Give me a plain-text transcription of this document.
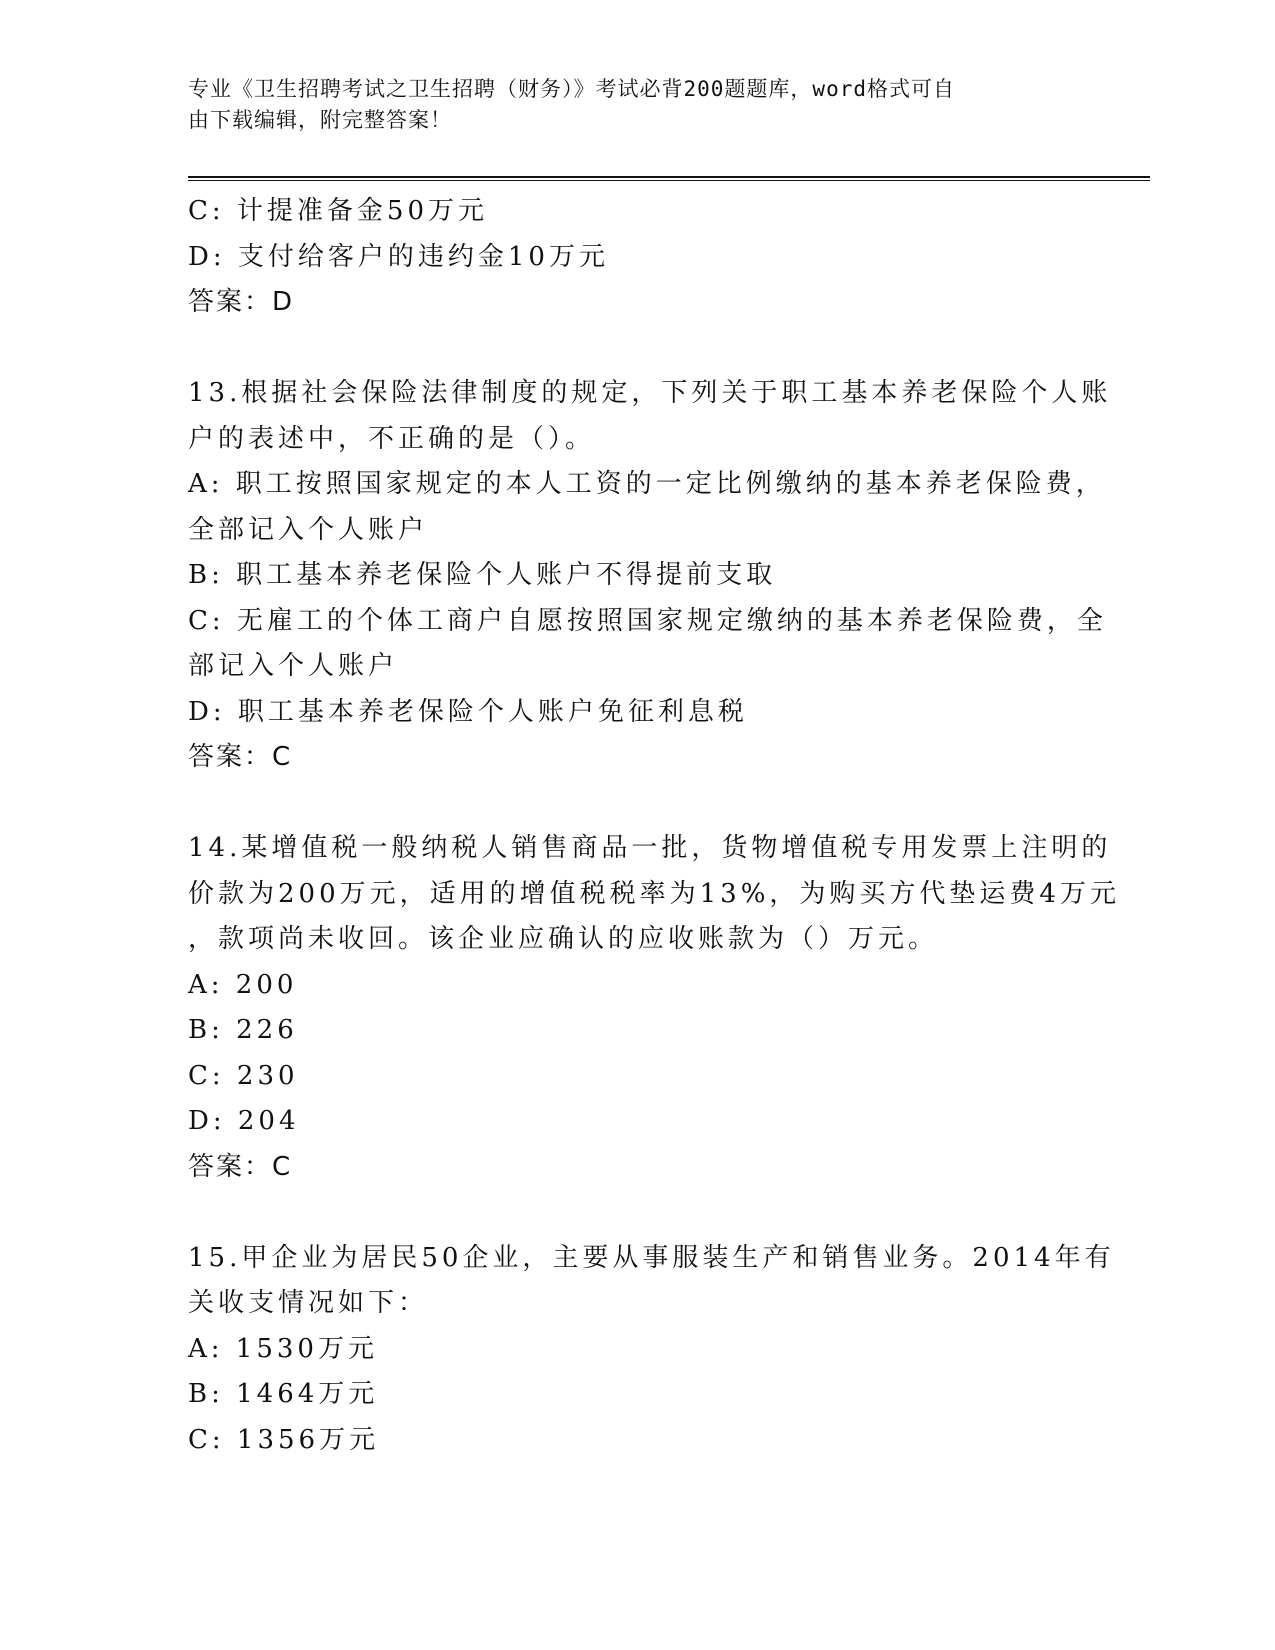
专业《卫生招聘考试之卫生招聘（财务）》考试必背200题题库，word格式可自
由下载编辑，附完整答案！
C: 计提准备金50万元
D: 支付给客户的违约金10万元
答案：D
13.根据社会保险法律制度的规定，下列关于职工基本养老保险个人账
户的表述中，不正确的是（）。
A: 职工按照国家规定的本人工资的一定比例缴纳的基本养老保险费，
全部记入个人账户
B: 职工基本养老保险个人账户不得提前支取
C: 无雇工的个体工商户自愿按照国家规定缴纳的基本养老保险费，全
部记入个人账户
D: 职工基本养老保险个人账户免征利息税
答案：C
14.某增值税一般纳税人销售商品一批，货物增值税专用发票上注明的
价款为200万元，适用的增值税税率为13%，为购买方代垫运费4万元
，款项尚未收回。该企业应确认的应收账款为（）万元。
A: 200
B: 226
C: 230
D: 204
答案：C
15.甲企业为居民50企业，主要从事服装生产和销售业务。2014年有
关收支情况如下：
A: 1530万元
B: 1464万元
C: 1356万元
